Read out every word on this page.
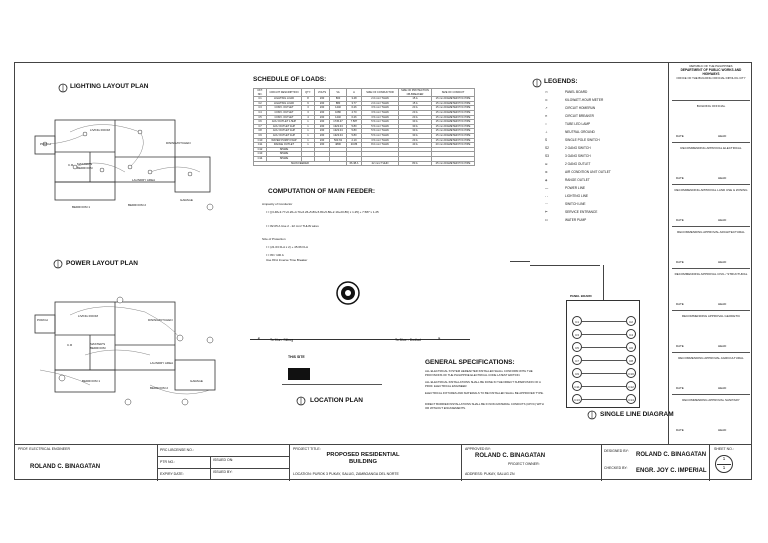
LIGHTING LAYOUT PLAN
LIVING ROOM
DINING/KITCHEN
PORCH
C.R MASTER'S BEDROOM
LAUNDRY AREA
BEDROOM 1	BEDROOM 2
GARAGE
POWER LAYOUT PLAN
LIVING ROOM
DINING/KITCHEN
PORCH
C.R	MASTER'S BEDROOM
LAUNDRY AREA
BEDROOM 1
BEDROOM 2
GARAGE
SCHEDULE OF LOADS:
CKT. NO.	CIRCUIT DESCRIPTION	QTY.	VOLTS	VA	A	SIZE OF CONDUCTOR	SIZE OF PROTECTION CB-BREAKER	SIZE OF CONDUIT
C1	LIGHTING LOAD	8	230	800	3.48	2.0 mm² THHN	15 A	15 mm DIAMETER PVC PIPE
C2	LIGHTING LOAD	9	230	880	3.77	2.0 mm² THHN	15 A	15 mm DIAMETER PVC PIPE
C3	CONV. OUTLET	3	230	1440	6.26	3.5 mm² THHN	20 A	15 mm DIAMETER PVC PIPE
C4	CONV. OUTLET	3	230	1080	4.70	3.5 mm² THHN	20 A	15 mm DIAMETER PVC PIPE
C5	CONV. OUTLET	4	230	1440	6.26	3.5 mm² THHN	20 A	15 mm DIAMETER PVC PIPE
C6	ACU OUTLET 1.5HP	1	230	1745.47	7.587	5.5 mm² THHN	30 A	15 mm DIAMETER PVC PIPE
C7	ACU OUTLET 1HP	1	230	1323.04	5.80	5.5 mm² THHN	30 A	15 mm DIAMETER PVC PIPE
C8	ACU OUTLET 1HP	1	230	1323.04	5.80	5.5 mm² THHN	30 A	15 mm DIAMETER PVC PIPE
C9	ACU OUTLET 1HP	1	230	1323.04	5.80	5.5 mm² THHN	30 A	15 mm DIAMETER PVC PIPE
C10	WATER PUMP 0.5HP	1	230	503.63	2.19	3.5 mm² THHN	20 A	15 mm DIAMETER PVC PIPE
C11	RANGE OUTLET	1	230	4800	20.86	8.0 mm² THHN	40 A	20 mm DIAMETER PVC PIPE
C12	SPARE							
C13	SPARE							
C14	SPARE							
MAIN FEEDER					66.38 A	22 mm² THHN	80 A	25 mm DIAMETER PVC PIPE
COMPUTATION OF MAIN FEEDER:
Ampacity of Conductor
I = [(3.48+3.77+6.26+4.70+6.26+5.80+5.80+5.80+2.19+20.86) x 1.25] + 7.587 x 1.25
I = 82.05 A Use 2 - 22 mm² THHN wires
Size of Protection
I = (21.63 FLA x 2) + 45.66 FLA
I = 80 / 100 A
Use 80 A Inverse Time Breaker
◄	To Mun. Siibug	To Blue - Dodlad	►
THIS SITE
LOCATION PLAN
LEGENDS:
▭	PANEL BOARD
⊙	KILOWATT-HOUR METER
↗	CIRCUIT HOMERUN
⊓	CIRCUIT BREAKER
○	TUBE LED LAMP
⊥	NEUTRAL GROUND
S	SINGLE POLE SWITCH
S2	2 GANG SWITCH
S3	3 GANG SWITCH
⊖	2 GANG OUTLET
⊛	AIR CONDITION UNIT OUTLET
◈	RANGE OUTLET
—	POWER LINE
- -	LIGHTING LINE
···	SWITCH LINE
⊢	SERVICE ENTRANCE
⊡	WATER PUMP
GENERAL SPECIFICATIONS:
ALL ELECTRICAL SYSTEM HEREAFTER INSTALLED SHALL CONFORM WITH THE PROVISIONS OF THE PHILIPPINE ELECTRICAL CODE LATEST EDITION.
ALL ELECTRICAL INSTALLATIONS SHALL BE DONE IN THE DIRECT SUPERVISION OF A PROF. ELECTRICAL ENGINEER.
ELECTRICAL FIXTURES AND MATERIALS TO BE INSTALLED SHALL BE APPROVED TYPE.
DIRECT BURRIED INSTALLATIONS SHALL BE IN NON-MATERIAL CONDUITS (UPVC) WITH OR WITHOUT ENCASEMENTS.
PANEL BOARD
C1	C2
C3	C4
C5	C6
C7	C8
C9	C10
C11	C12
C13	C14
SINGLE LINE DIAGRAM
REPUBLIC OF THE PHILIPPINES
DEPARTMENT OF PUBLIC WORKS AND HIGHWAYS
OFFICE OF THE BUILDING OFFICIAL DIPOLOG CITY
BUILDING OFFICIAL
RECOMMENDING APPROVAL ELECTRICAL
DATE	HEAD
RECOMMENDING APPROVAL LAND USE & ZONING
DATE	HEAD
RECOMMENDING APPROVAL ARCHITECTURAL
DATE	HEAD
RECOMMENDING APPROVAL CIVIL / STRUCTURAL
DATE	HEAD
RECOMMENDING APPROVAL GEODETIC
DATE	HEAD
RECOMMENDING APPROVAL AGRICULTURAL
DATE	HEAD
RECOMMENDING APPROVAL SANITARY
DATE	HEAD
DATE	HEAD
PROF. ELECTRICAL ENGINEER
ROLAND C. BINAGATAN
PRC LIBCENSE NO.:
PTR NO.:	ISSUED ON:
EXPIRY DATE:	ISSUED BY:
PROJECT TITLE:
PROPOSED RESIDENTIAL BUILDING
LOCATION: PUROK 3 PUKAY, SALUG, ZAMBOANGA DEL NORTE
APPROVED BY:
ROLAND C. BINAGATAN
PROJECT OWNER:
ADDRESS: PUKAY, SALUG ZN
DESIGNED BY:
ROLAND C. BINAGATAN
CHECKED BY: ENGR. JOY C. IMPERIAL
SHEET NO.:
1
1
